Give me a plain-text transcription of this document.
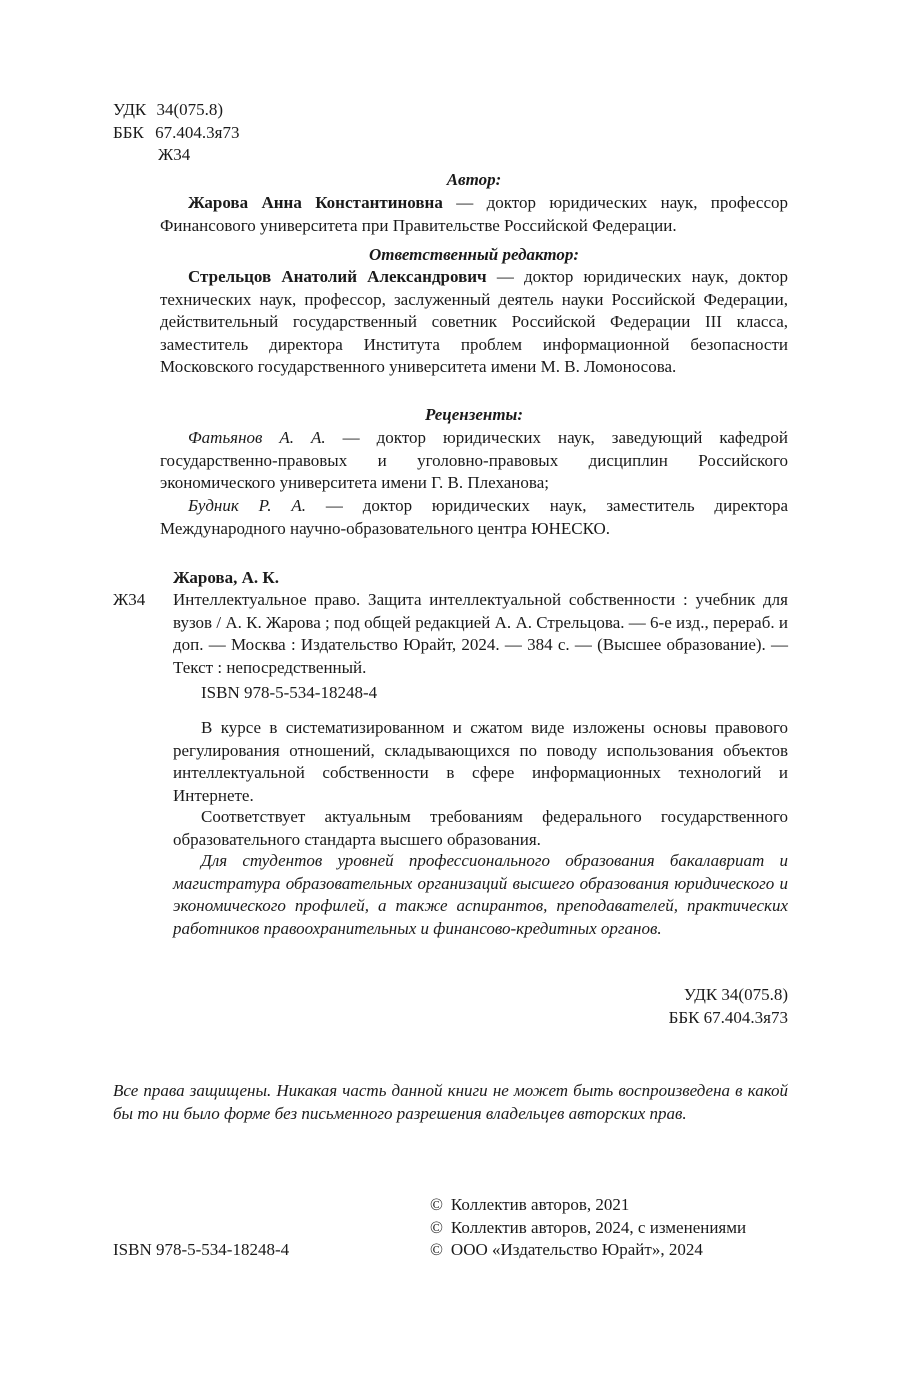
УДК 34(075.8)
ББК 67.404.3я73
Ж34
Автор:

Жарова Анна Константиновна — доктор юридических наук, профессор Финансового университета при Правительстве Российской Федерации.

Ответственный редактор:

Стрельцов Анатолий Александрович — доктор юридических наук, доктор технических наук, профессор, заслуженный деятель науки Российской Федерации, действительный государственный советник Российской Федерации III класса, заместитель директора Института проблем информационной безопасности Московского государственного университета имени М. В. Ломоносова.

Рецензенты:

Фатьянов А. А. — доктор юридических наук, заведующий кафедрой государственно-правовых и уголовно-правовых дисциплин Российского экономического университета имени Г. В. Плеханова;

Будник Р. А. — доктор юридических наук, заместитель директора Международного научно-образовательного центра ЮНЕСКО.

Жарова, А. К.
Ж34 Интеллектуальное право. Защита интеллектуальной собственности : учебник для вузов / А. К. Жарова ; под общей редакцией А. А. Стрельцова. — 6-е изд., перераб. и доп. — Москва : Издательство Юрайт, 2024. — 384 с. — (Высшее образование). — Текст : непосредственный.

ISBN 978-5-534-18248-4

В курсе в систематизированном и сжатом виде изложены основы правового регулирования отношений, складывающихся по поводу использования объектов интеллектуальной собственности в сфере информационных технологий и Интернете.

Соответствует актуальным требованиям федерального государственного образовательного стандарта высшего образования.

Для студентов уровней профессионального образования бакалавриат и магистратура образовательных организаций высшего образования юридического и экономического профилей, а также аспирантов, преподавателей, практических работников правоохранительных и финансово-кредитных органов.

УДК 34(075.8)
ББК 67.404.3я73

Все права защищены. Никакая часть данной книги не может быть воспроизведена в какой бы то ни было форме без письменного разрешения владельцев авторских прав.

ISBN 978-5-534-18248-4
© Коллектив авторов, 2021
© Коллектив авторов, 2024, с изменениями
© ООО «Издательство Юрайт», 2024
